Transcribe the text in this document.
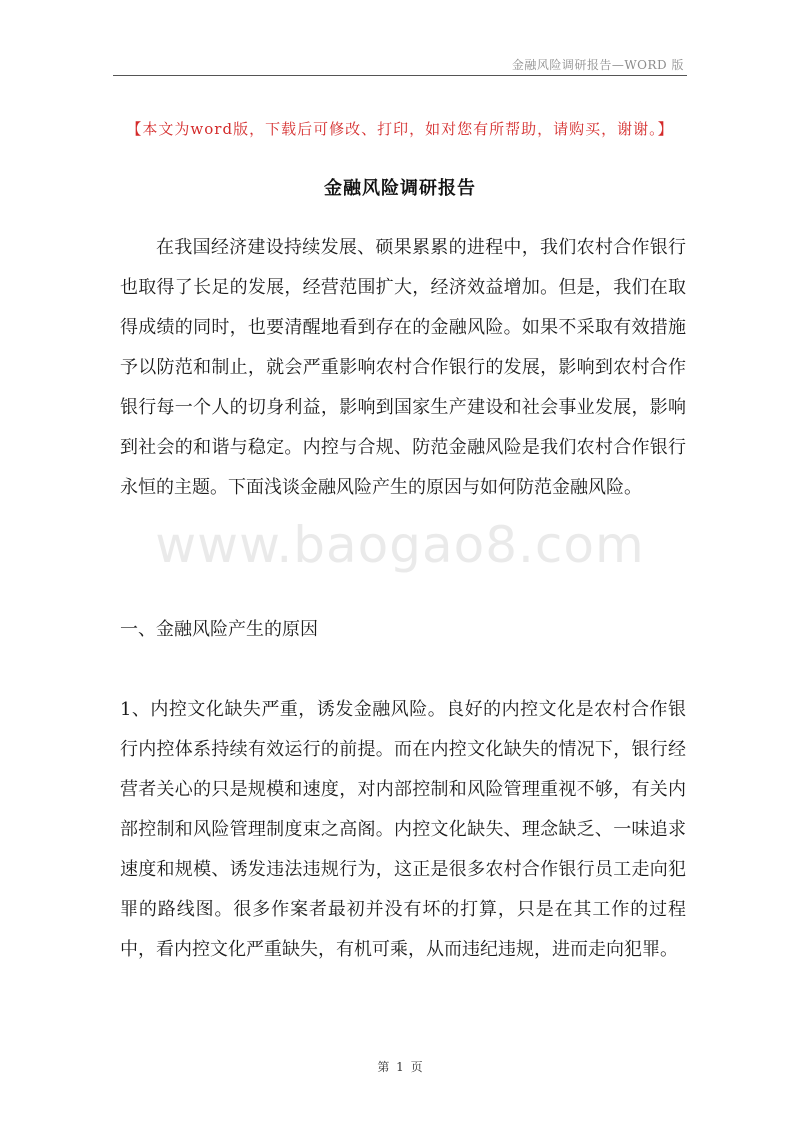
金融风险调研报告—WORD 版
【本文为word版，下载后可修改、打印，如对您有所帮助，请购买，谢谢。】
金融风险调研报告

在我国经济建设持续发展、硕果累累的进程中，我们农村合作银行也取得了长足的发展，经营范围扩大，经济效益增加。但是，我们在取得成绩的同时，也要清醒地看到存在的金融风险。如果不采取有效措施予以防范和制止，就会严重影响农村合作银行的发展，影响到农村合作银行每一个人的切身利益，影响到国家生产建设和社会事业发展，影响到社会的和谐与稳定。内控与合规、防范金融风险是我们农村合作银行永恒的主题。下面浅谈金融风险产生的原因与如何防范金融风险。

www.baogao8.com

一、金融风险产生的原因

1、内控文化缺失严重，诱发金融风险。良好的内控文化是农村合作银行内控体系持续有效运行的前提。而在内控文化缺失的情况下，银行经营者关心的只是规模和速度，对内部控制和风险管理重视不够，有关内部控制和风险管理制度束之高阁。内控文化缺失、理念缺乏、一味追求速度和规模、诱发违法违规行为，这正是很多农村合作银行员工走向犯罪的路线图。很多作案者最初并没有坏的打算，只是在其工作的过程中，看内控文化严重缺失，有机可乘，从而违纪违规，进而走向犯罪。

第 1 页
